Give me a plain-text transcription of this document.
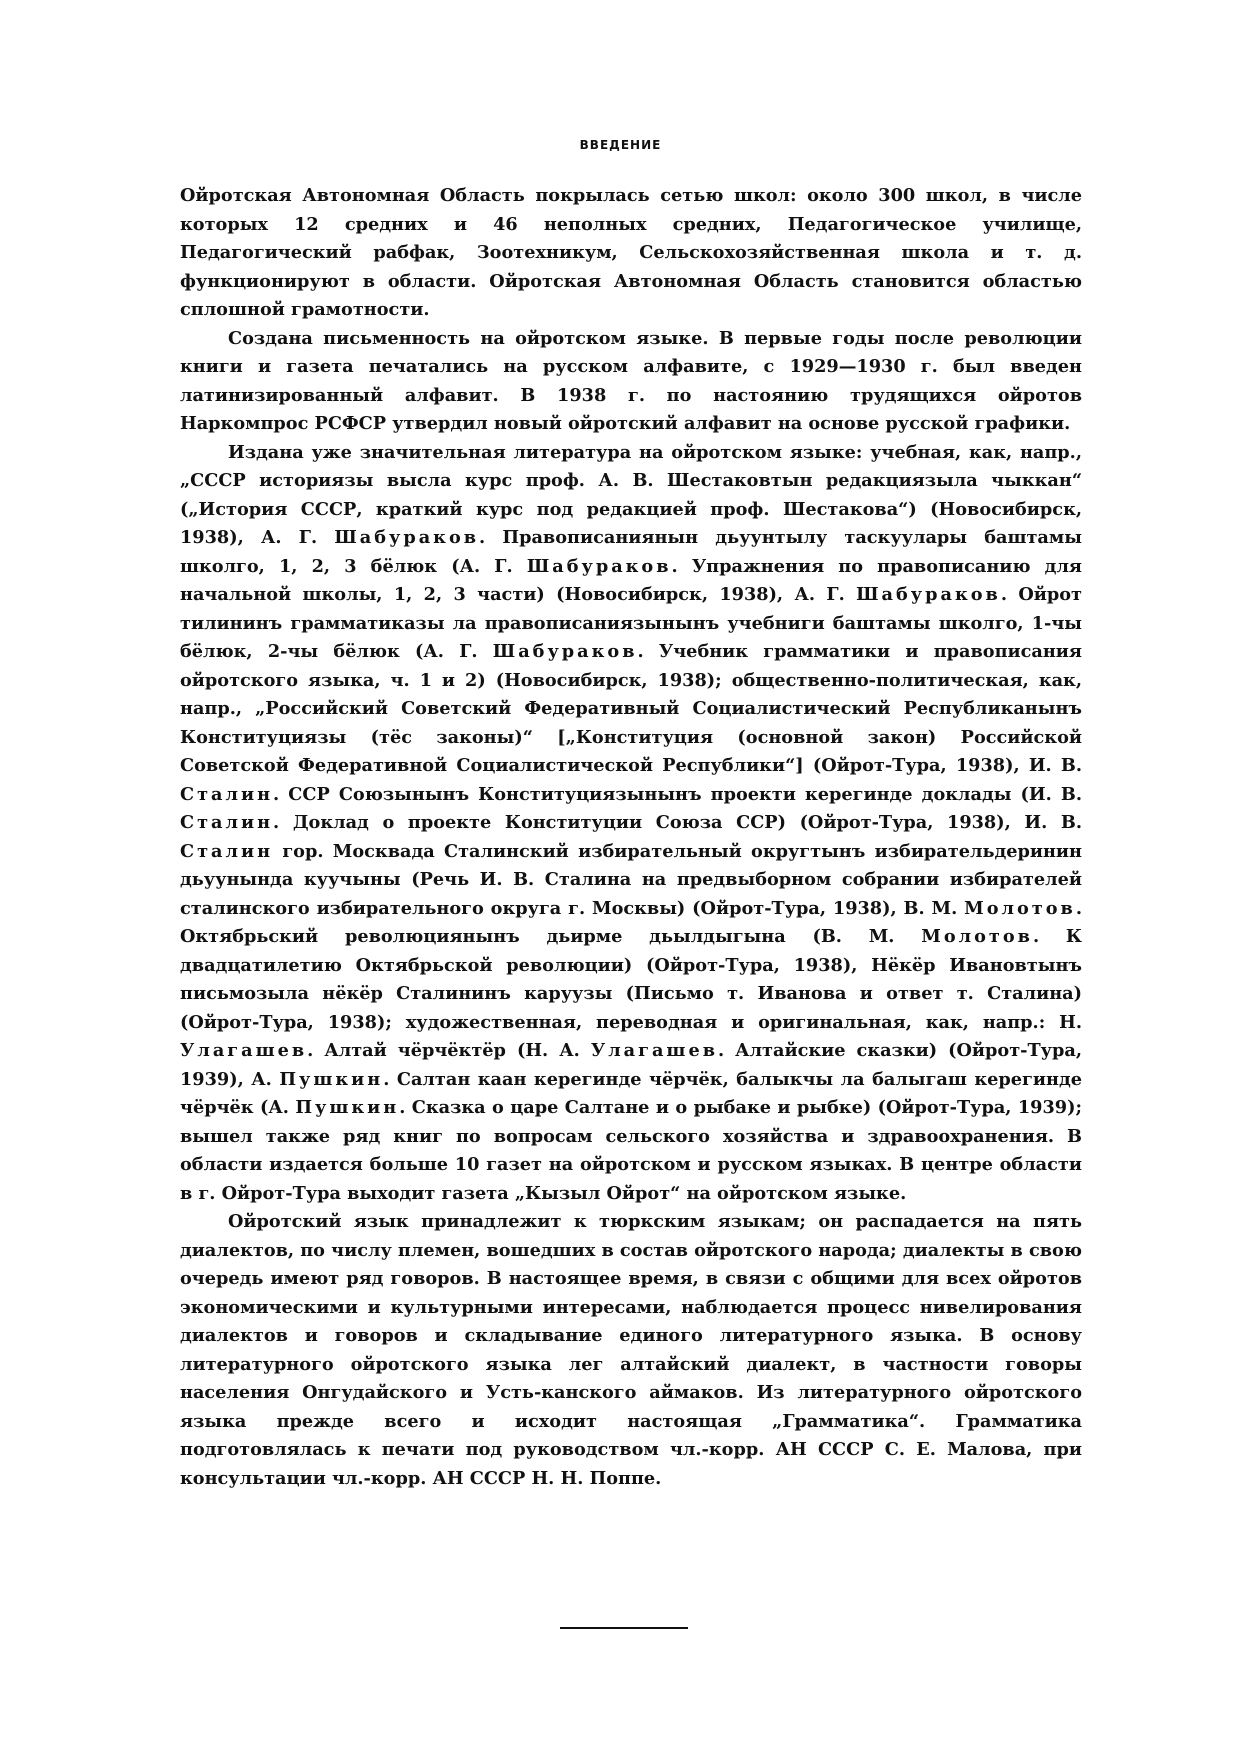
ВВЕДЕНИЕ

Ойротская Автономная Область покрылась сетью школ: около 300 школ, в числе которых 12 средних и 46 неполных средних, Педагогическое училище, Педагогический рабфак, Зоотехникум, Сельскохозяйственная школа и т. д. функционируют в области. Ойротская Автономная Область становится областью сплошной грамотности.

Создана письменность на ойротском языке. В первые годы после революции книги и газета печатались на русском алфавите, с 1929—1930 г. был введен латинизированный алфавит. В 1938 г. по настоянию трудящихся ойротов Наркомпрос РСФСР утвердил новый ойротский алфавит на основе русской графики.

Издана уже значительная литература на ойротском языке: учебная, как, напр., „СССР историязы высла курс проф. А. В. Шестаковтын редакциязыла чыккан“ („История СССР, краткий курс под редакцией проф. Шестакова“) (Новосибирск, 1938), А. Г. Шабураков. Правописаниянын дьуунтылу таскуулары баштамы школго, 1, 2, 3 бёлюк (А. Г. Шабураков. Упражнения по правописанию для начальной школы, 1, 2, 3 части) (Новосибирск, 1938), А. Г. Шабураков. Ойрот тилининъ грамматиказы ла правописаниязынынъ учебниги баштамы школго, 1-чы бёлюк, 2-чы бёлюк (А. Г. Шабураков. Учебник грамматики и правописания ойротского языка, ч. 1 и 2) (Новосибирск, 1938); общественно-политическая, как, напр., „Российский Советский Федеративный Социалистический Республиканынъ Конституциязы (тёс законы)“ [„Конституция (основной закон) Российской Советской Федеративной Социалистической Республики“] (Ойрот-Тура, 1938), И. В. Сталин. ССР Союзынынъ Конституциязынынъ проекти керегинде доклады (И. В. Сталин. Доклад о проекте Конституции Союза ССР) (Ойрот-Тура, 1938), И. В. Сталин гор. Москвада Сталинский избирательный округтынъ избирательдеринин дьуунында куучыны (Речь И. В. Сталина на предвыборном собрании избирателей сталинского избирательного округа г. Москвы) (Ойрот-Тура, 1938), В. М. Молотов. Октябрьский революциянынъ дьирме дьылдыгына (В. М. Молотов. К двадцатилетию Октябрьской революции) (Ойрот-Тура, 1938), Нёкёр Ивановтынъ письмозыла нёкёр Сталининъ каруузы (Письмо т. Иванова и ответ т. Сталина) (Ойрот-Тура, 1938); художественная, переводная и оригинальная, как, напр.: Н. Улагашев. Алтай чёрчёктёр (Н. А. Улагашев. Алтайские сказки) (Ойрот-Тура, 1939), А. Пушкин. Салтан каан керегинде чёрчёк, балыкчы ла балыгаш керегинде чёрчёк (А. Пушкин. Сказка о царе Салтане и о рыбаке и рыбке) (Ойрот-Тура, 1939); вышел также ряд книг по вопросам сельского хозяйства и здравоохранения. В области издается больше 10 газет на ойротском и русском языках. В центре области в г. Ойрот-Тура выходит газета „Кызыл Ойрот“ на ойротском языке.

Ойротский язык принадлежит к тюркским языкам; он распадается на пять диалектов, по числу племен, вошедших в состав ойротского народа; диалекты в свою очередь имеют ряд говоров. В настоящее время, в связи с общими для всех ойротов экономическими и культурными интересами, наблюдается процесс нивелирования диалектов и говоров и складывание единого литературного языка. В основу литературного ойротского языка лег алтайский диалект, в частности говоры населения Онгудайского и Усть-канского аймаков. Из литературного ойротского языка прежде всего и исходит настоящая „Грамматика“. Грамматика подготовлялась к печати под руководством чл.-корр. АН СССР С. Е. Малова, при консультации чл.-корр. АН СССР Н. Н. Поппе.
